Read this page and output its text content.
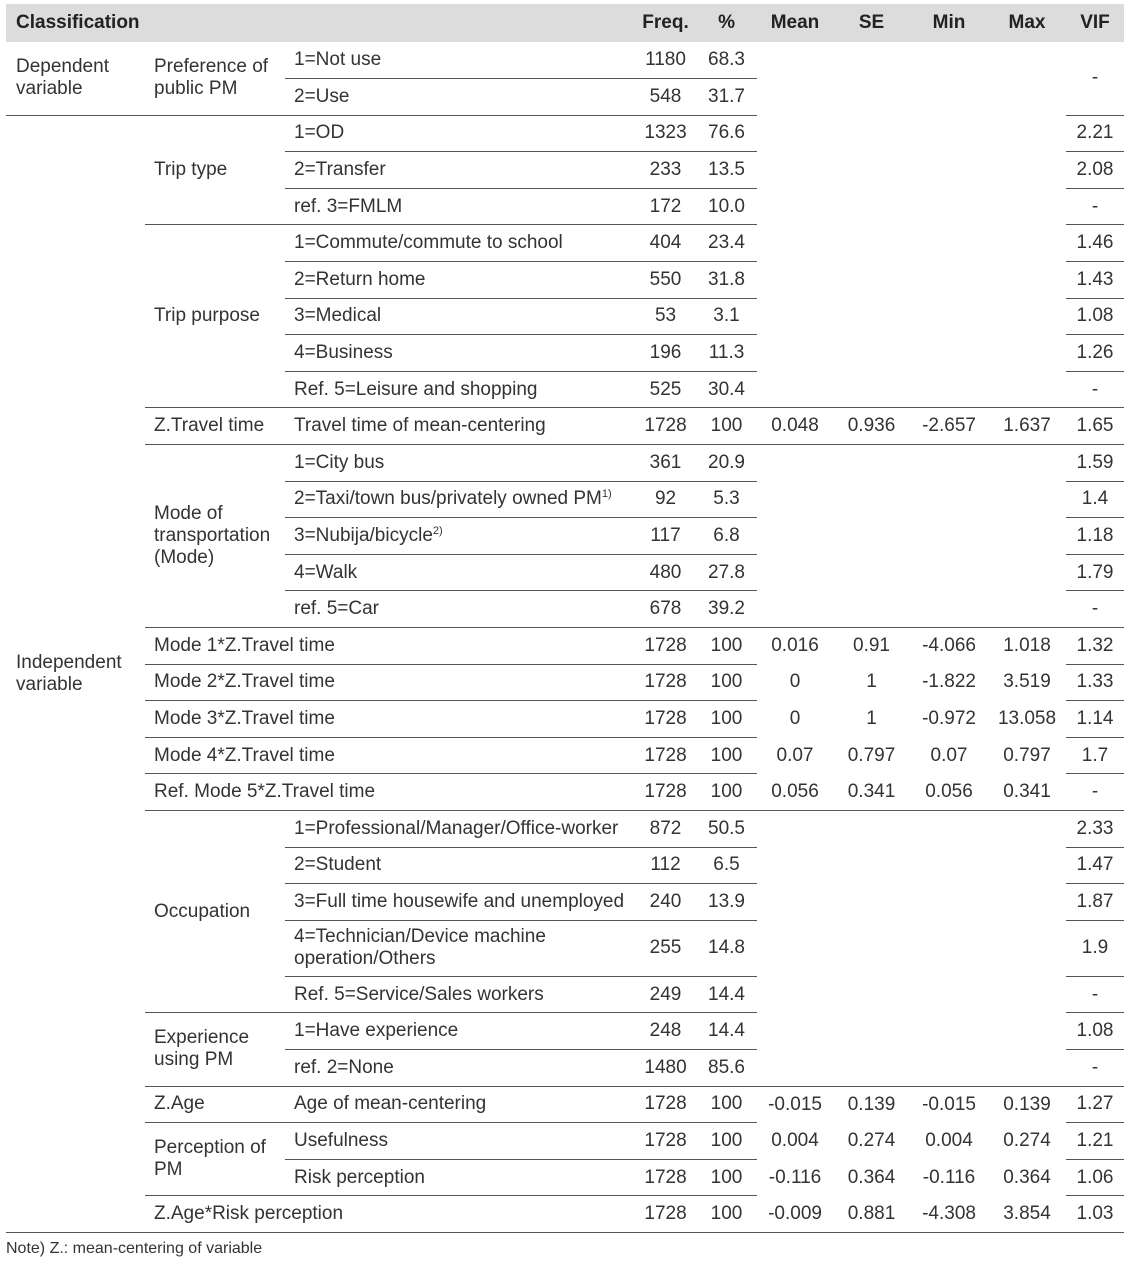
Classification			Freq.	%	Mean	SE	Min	Max	VIF
Dependent variable	Preference of public PM	1=Not use	1180	68.3					-
		2=Use	548	31.7					
Independent variable	Trip type	1=OD	1323	76.6					2.21
		2=Transfer	233	13.5					2.08
		ref. 3=FMLM	172	10.0					-
	Trip purpose	1=Commute/commute to school	404	23.4					1.46
		2=Return home	550	31.8					1.43
		3=Medical	53	3.1					1.08
		4=Business	196	11.3					1.26
		Ref. 5=Leisure and shopping	525	30.4					-
	Z.Travel time	Travel time of mean-centering	1728	100	0.048	0.936	-2.657	1.637	1.65
	Mode of transportation (Mode)	1=City bus	361	20.9					1.59
		2=Taxi/town bus/privately owned PM$^{1)}$	92	5.3					1.4
		3=Nubija/bicycle$^{2)}$	117	6.8					1.18
		4=Walk	480	27.8					1.79
		ref. 5=Car	678	39.2					-
	Mode 1*Z.Travel time		1728	100	0.016	0.91	-4.066	1.018	1.32
	Mode 2*Z.Travel time		1728	100	0	1	-1.822	3.519	1.33
	Mode 3*Z.Travel time		1728	100	0	1	-0.972	13.058	1.14
	Mode 4*Z.Travel time		1728	100	0.07	0.797	0.07	0.797	1.7
	Ref. Mode 5*Z.Travel time		1728	100	0.056	0.341	0.056	0.341	-
	Occupation	1=Professional/Manager/Office-worker	872	50.5					2.33
		2=Student	112	6.5					1.47
		3=Full time housewife and unemployed	240	13.9					1.87
		4=Technician/Device machine operation/Others	255	14.8					1.9
		Ref. 5=Service/Sales workers	249	14.4					-
	Experience using PM	1=Have experience	248	14.4					1.08
		ref. 2=None	1480	85.6					-
	Z.Age	Age of mean-centering	1728	100	-0.015	0.139	-0.015	0.139	1.27
	Perception of PM	Usefulness	1728	100	0.004	0.274	0.004	0.274	1.21
		Risk perception	1728	100	-0.116	0.364	-0.116	0.364	1.06
	Z.Age*Risk perception		1728	100	-0.009	0.881	-4.308	3.854	1.03
Note) Z.: mean-centering of variable
